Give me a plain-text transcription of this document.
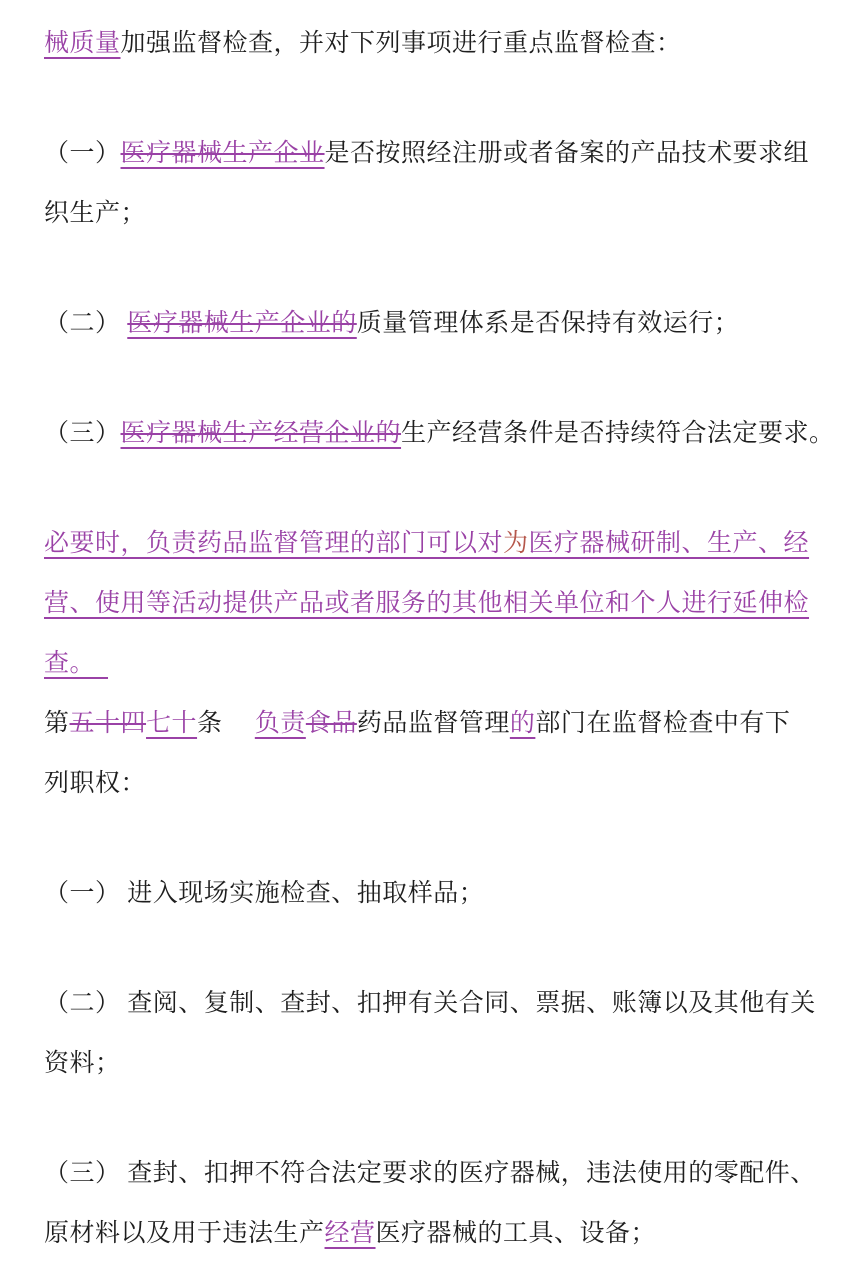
械质量加强监督检查，并对下列事项进行重点监督检查：

（一）医疗器械生产企业是否按照经注册或者备案的产品技术要求组
织生产；

（二） 医疗器械生产企业的质量管理体系是否保持有效运行；

（三）医疗器械生产经营企业的生产经营条件是否持续符合法定要求。

必要时，负责药品监督管理的部门可以对为医疗器械研制、生产、经
营、使用等活动提供产品或者服务的其他相关单位和个人进行延伸检
查。　

第五十四七十条　 负责食品药品监督管理的部门在监督检查中有下
列职权：

（一） 进入现场实施检查、抽取样品；

（二） 查阅、复制、查封、扣押有关合同、票据、账簿以及其他有关
资料；

（三） 查封、扣押不符合法定要求的医疗器械，违法使用的零配件、
原材料以及用于违法生产经营医疗器械的工具、设备；
